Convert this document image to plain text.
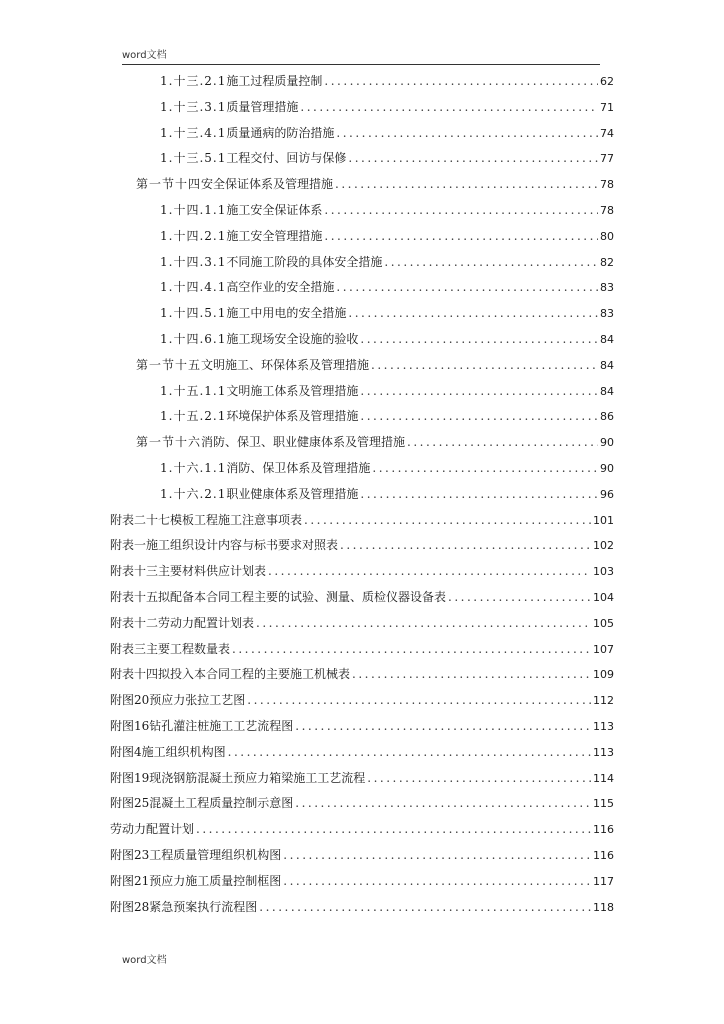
word文档
1.十三.2.1 施工过程质量控制 .....	62
1.十三.3.1 质量管理措施 .....	71
1.十三.4.1 质量通病的防治措施 .....	74
1.十三.5.1 工程交付、回访与保修 .....	77
第一节十四 安全保证体系及管理措施 .....	78
1.十四.1.1 施工安全保证体系 .....	78
1.十四.2.1 施工安全管理措施 .....	80
1.十四.3.1 不同施工阶段的具体安全措施 .....	82
1.十四.4.1 高空作业的安全措施 .....	83
1.十四.5.1 施工中用电的安全措施 .....	83
1.十四.6.1 施工现场安全设施的验收 .....	84
第一节十五 文明施工、环保体系及管理措施 .....	84
1.十五.1.1 文明施工体系及管理措施 .....	84
1.十五.2.1 环境保护体系及管理措施 .....	86
第一节十六 消防、保卫、职业健康体系及管理措施 .....	90
1.十六.1.1 消防、保卫体系及管理措施 .....	90
1.十六.2.1 职业健康体系及管理措施 .....	96
附表二十七模板工程施工注意事项表 .....	101
附表一施工组织设计内容与标书要求对照表 .....	102
附表十三主要材料供应计划表 .....	103
附表十五拟配备本合同工程主要的试验、测量、质检仪器设备表 .....	104
附表十二劳动力配置计划表 .....	105
附表三主要工程数量表 .....	107
附表十四拟投入本合同工程的主要施工机械表 .....	109
附图20预应力张拉工艺图 .....	112
附图16钻孔灌注桩施工工艺流程图 .....	113
附图4施工组织机构图 .....	113
附图19现浇钢筋混凝土预应力箱梁施工工艺流程 .....	114
附图25混凝土工程质量控制示意图 .....	115
劳动力配置计划 .....	116
附图23工程质量管理组织机构图 .....	116
附图21预应力施工质量控制框图 .....	117
附图28紧急预案执行流程图 .....	118
word文档
